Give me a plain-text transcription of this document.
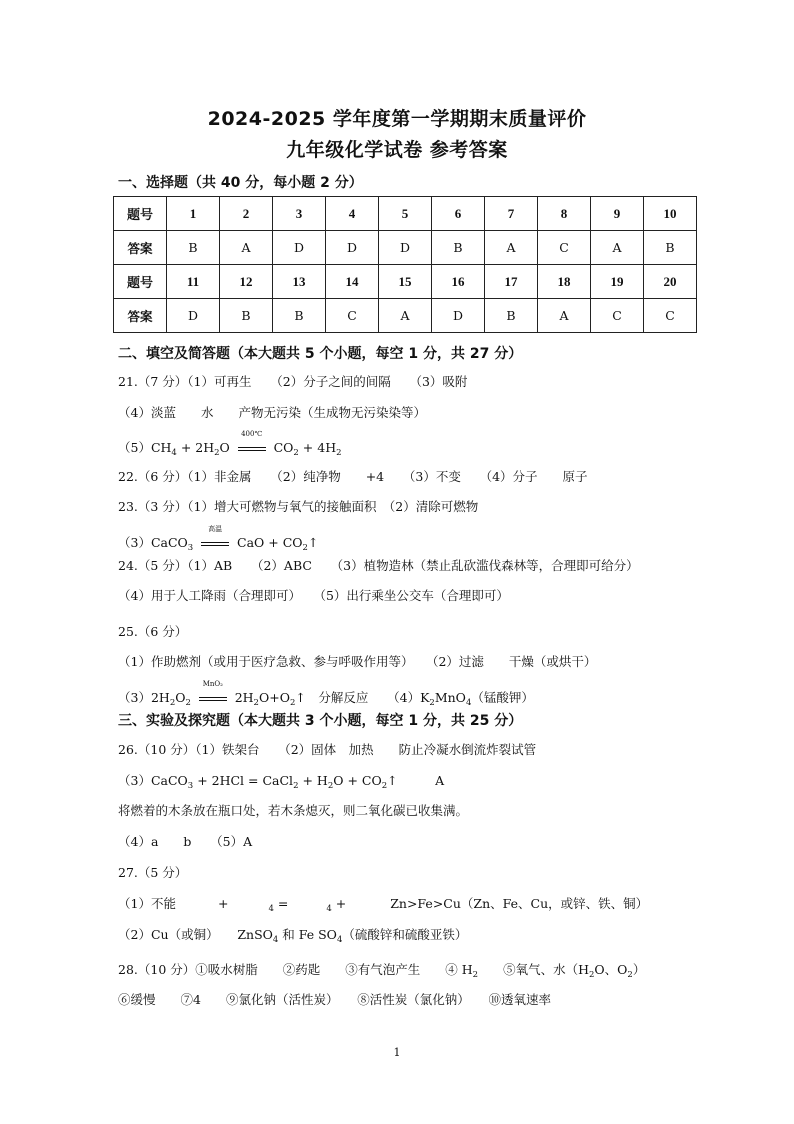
2024-2025 学年度第一学期期末质量评价
九年级化学试卷 参考答案
一、选择题（共 40 分，每小题 2 分）
题号	1	2	3	4	5	6	7	8	9	10
答案	B	A	D	D	D	B	A	C	A	B
题号	11	12	13	14	15	16	17	18	19	20
答案	D	B	B	C	A	D	B	A	C	C
二、填空及简答题（本大题共 5 个小题，每空 1 分，共 27 分）
21.（7 分）（1）可再生　　（2）分子之间的间隔　　（3）吸附
（4）淡蓝　　水　　产物无污染（生成物无污染染等）
$(5)CH_4 + 2H_2O$
400℃

$CO_2 + 4H_2$
22.（6 分）（1）非金属　　（2）纯净物　　+4　　（3）不变　　（4）分子　　原子
23.（3 分）（1）增大可燃物与氧气的接触面积　（2）清除可燃物
（3）CaCO$_3$
高温
CaO + $CO_2↑$
24.（5 分）（1）AB　　（2）ABC　　（3）植物造林（禁止乱砍滥伐森林等，合理即可给分）
（4）用于人工降雨（合理即可）　　（5）出行乘坐公交车（合理即可）
25.（6 分）
（1）作助燃剂（或用于医疗急救、参与呼吸作用等）　　（2）过滤　　干燥（或烘干）
$(3)2H_2O_2$
MnO₂
$2H_2O+O_2↑$　分解反应　　$(4)K_2MnO_4$（锰酸钾）
三、实验及探究题（本大题共 3 个小题，每空 1 分，共 25 分）
26.（10 分）（1）铁架台　　（2）固体　加热　　防止冷凝水倒流炸裂试管
（3）CaCO$_3$ + 2HCl = CaCl$_2$ + $H_2O$ + $CO_2↑$　　　A
将燃着的木条放在瓶口处，若木条熄灭，则二氧化碳已收集满。
（4）a　　b　　（5）A
27.（5 分）
（1）不能	+	$_4$ =	$_4$ +	Zn>Fe>Cu（Zn、Fe、Cu，或锌、铁、铜）
（2）Cu（或铜）　　ZnSO$_4$ 和 Fe $SO_4$（硫酸锌和硫酸亚铁）
28.（10 分）①吸水树脂　　②药匙　　③有气泡产生　　④ $H_2$　　 ⑤氧气、水（$H_2O$、$O_2$）
⑥缓慢　　⑦4　　⑨氯化钠（活性炭）　　⑧活性炭（氯化钠）　　⑩透氧速率
1
